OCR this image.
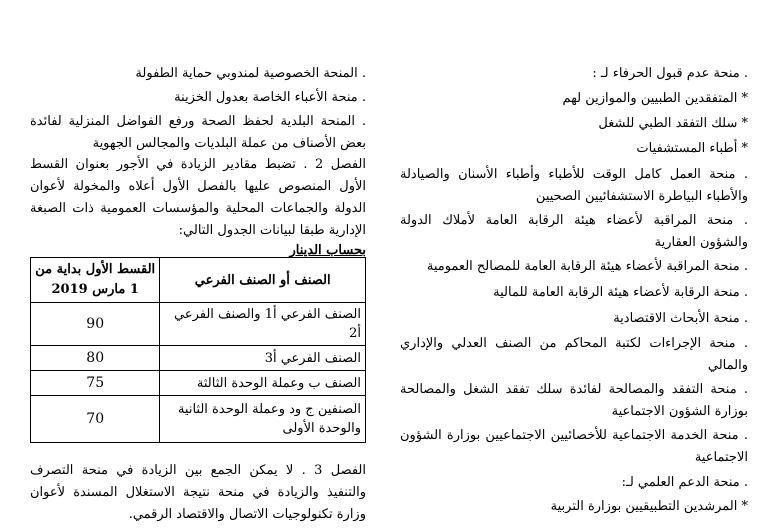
. منحة عدم قبول الحرفاء لـ :
* المتفقدين الطبيين والموازين لهم
* سلك التفقد الطبي للشغل
* أطباء المستشفيات
. منحة العمل كامل الوقت للأطباء وأطباء الأسنان والصيادلة والأطباء البياطرة الاستشفائيين الصحيين
. منحة المراقبة لأعضاء هيئة الرقابة العامة لأملاك الدولة والشؤون العقارية
. منحة المراقبة لأعضاء هيئة الرقابة العامة للمصالح العمومية
. منحة الرقابة لأعضاء هيئة الرقابة العامة للمالية
. منحة الأبحاث الاقتصادية
. منحة الإجراءات لكتبة المحاكم من الصنف العدلي والإداري والمالي
. منحة التفقد والمصالحة لفائدة سلك تفقد الشغل والمصالحة بوزارة الشؤون الاجتماعية
. منحة الخدمة الاجتماعية للأخصائيين الاجتماعيين بوزارة الشؤون الاجتماعية
. منحة الدعم العلمي لـ:
* المرشدين التطبيقيين بوزارة التربية
. المنحة الخصوصية لمندوبي حماية الطفولة
. منحة الأعباء الخاصة بعدول الخزينة
. المنحة البلدية لحفظ الصحة ورفع الفواضل المنزلية لفائدة بعض الأصناف من عملة البلديات والمجالس الجهوية
الفصل 2 . تضبط مقادير الزيادة في الأجور بعنوان القسط الأول المنصوص عليها بالفصل الأول أعلاه والمخولة لأعوان الدولة والجماعات المحلية والمؤسسات العمومية ذات الصبغة الإدارية طبقا لبيانات الجدول التالي:
بحساب الدينار
الصنف أو الصنف الفرعي	القسط الأول بداية من 1 مارس 2019
الصنف الفرعي أ1 والصنف الفرعي أ2	90
الصنف الفرعي أ3	80
الصنف ب وعملة الوحدة الثالثة	75
الصنفين ج ود وعملة الوحدة الثانية والوحدة الأولى	70
الفصل 3 . لا يمكن الجمع بين الزيادة في منحة التصرف والتنفيذ والزيادة في منحة نتيجة الاستغلال المسندة لأعوان وزارة تكنولوجيات الاتصال والاقتصاد الرقمي.
